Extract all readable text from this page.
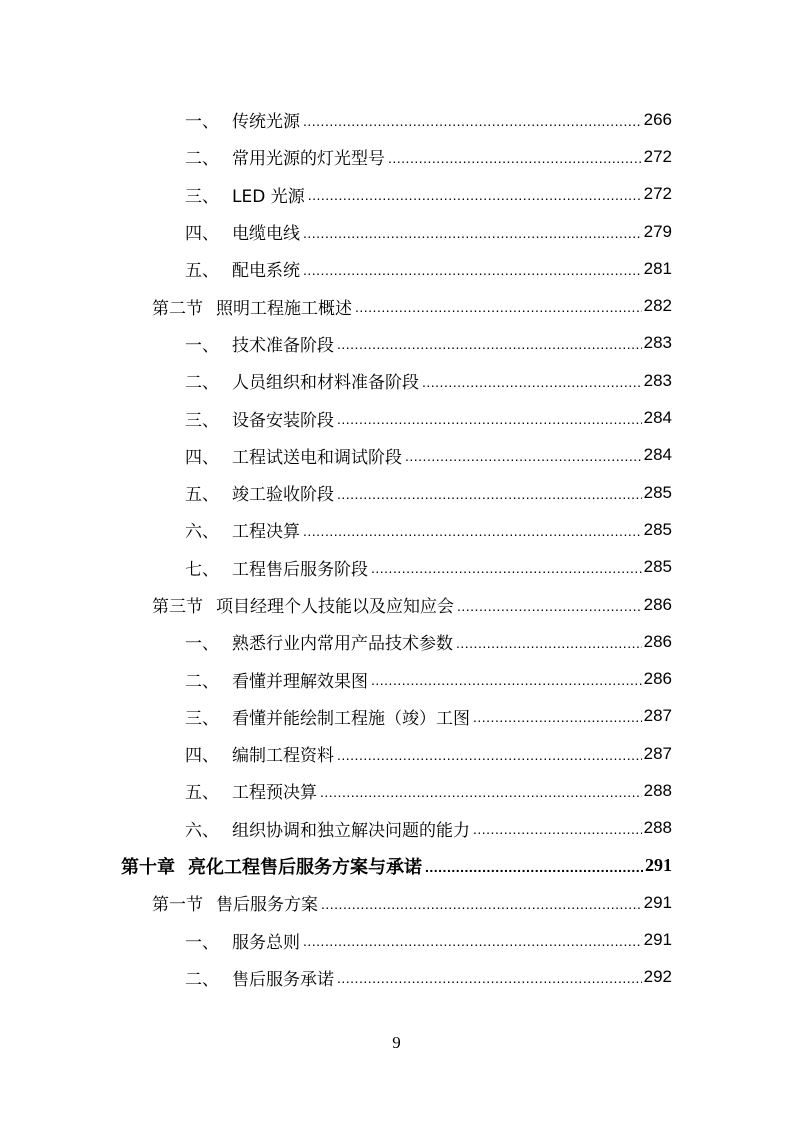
一、 传统光源 .....	266
二、 常用光源的灯光型号 .....	272
三、 LED 光源 .....	272
四、 电缆电线 .....	279
五、 配电系统 .....	281
第二节 照明工程施工概述 .....	282
一、 技术准备阶段 .....	283
二、 人员组织和材料准备阶段 .....	283
三、 设备安装阶段 .....	284
四、 工程试送电和调试阶段 .....	284
五、 竣工验收阶段 .....	285
六、 工程决算 .....	285
七、 工程售后服务阶段 .....	285
第三节 项目经理个人技能以及应知应会 .....	286
一、 熟悉行业内常用产品技术参数 .....	286
二、 看懂并理解效果图 .....	286
三、 看懂并能绘制工程施（竣）工图 .....	287
四、 编制工程资料 .....	287
五、 工程预决算 .....	288
六、 组织协调和独立解决问题的能力 .....	288
第十章 亮化工程售后服务方案与承诺 .....	291
第一节 售后服务方案 .....	291
一、 服务总则 .....	291
二、 售后服务承诺 .....	292
9
